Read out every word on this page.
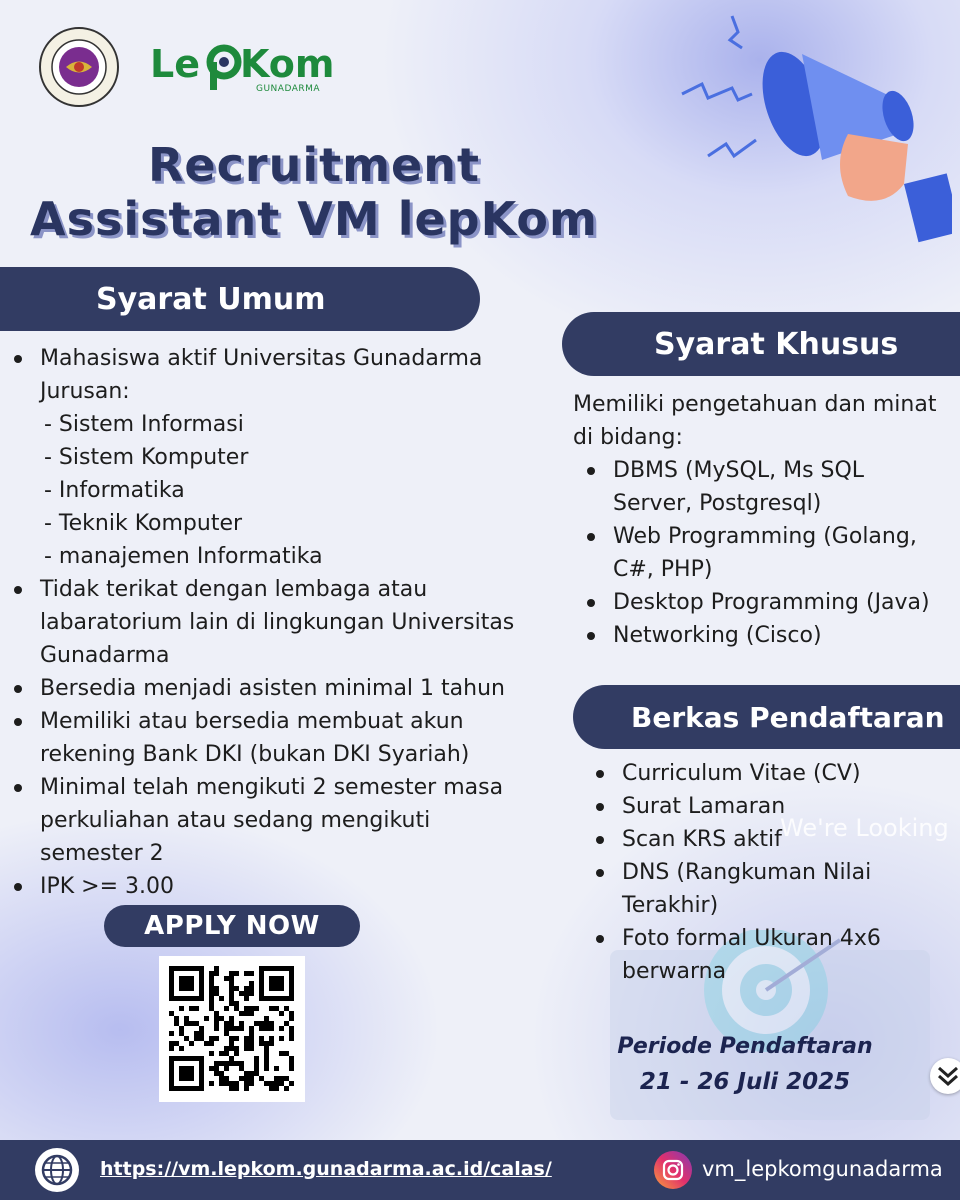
Le Kom
GUNADARMA
Recruitment
Assistant VM lepKom
Syarat Umum
Mahasiswa aktif Universitas Gunadarma Jurusan:
- Sistem Informasi
- Sistem Komputer
- Informatika
- Teknik Komputer
- manajemen Informatika
Tidak terikat dengan lembaga atau labaratorium lain di lingkungan Universitas Gunadarma
Bersedia menjadi asisten minimal 1 tahun
Memiliki atau bersedia membuat akun rekening Bank DKI (bukan DKI Syariah)
Minimal telah mengikuti 2 semester masa perkuliahan atau sedang mengikuti semester 2
IPK >= 3.00
Syarat Khusus
Memiliki pengetahuan dan minat di bidang:
DBMS (MySQL, Ms SQL Server, Postgresql)
Web Programming (Golang, C#, PHP)
Desktop Programming (Java)
Networking (Cisco)
Berkas Pendaftaran
We're Looking
Curriculum Vitae (CV)
Surat Lamaran
Scan KRS aktif
DNS (Rangkuman Nilai Terakhir)
Foto formal Ukuran 4x6 berwarna
Periode Pendaftaran
21 - 26 Juli 2025
APPLY NOW
https://vm.lepkom.gunadarma.ac.id/calas/	vm_lepkomgunadarma
